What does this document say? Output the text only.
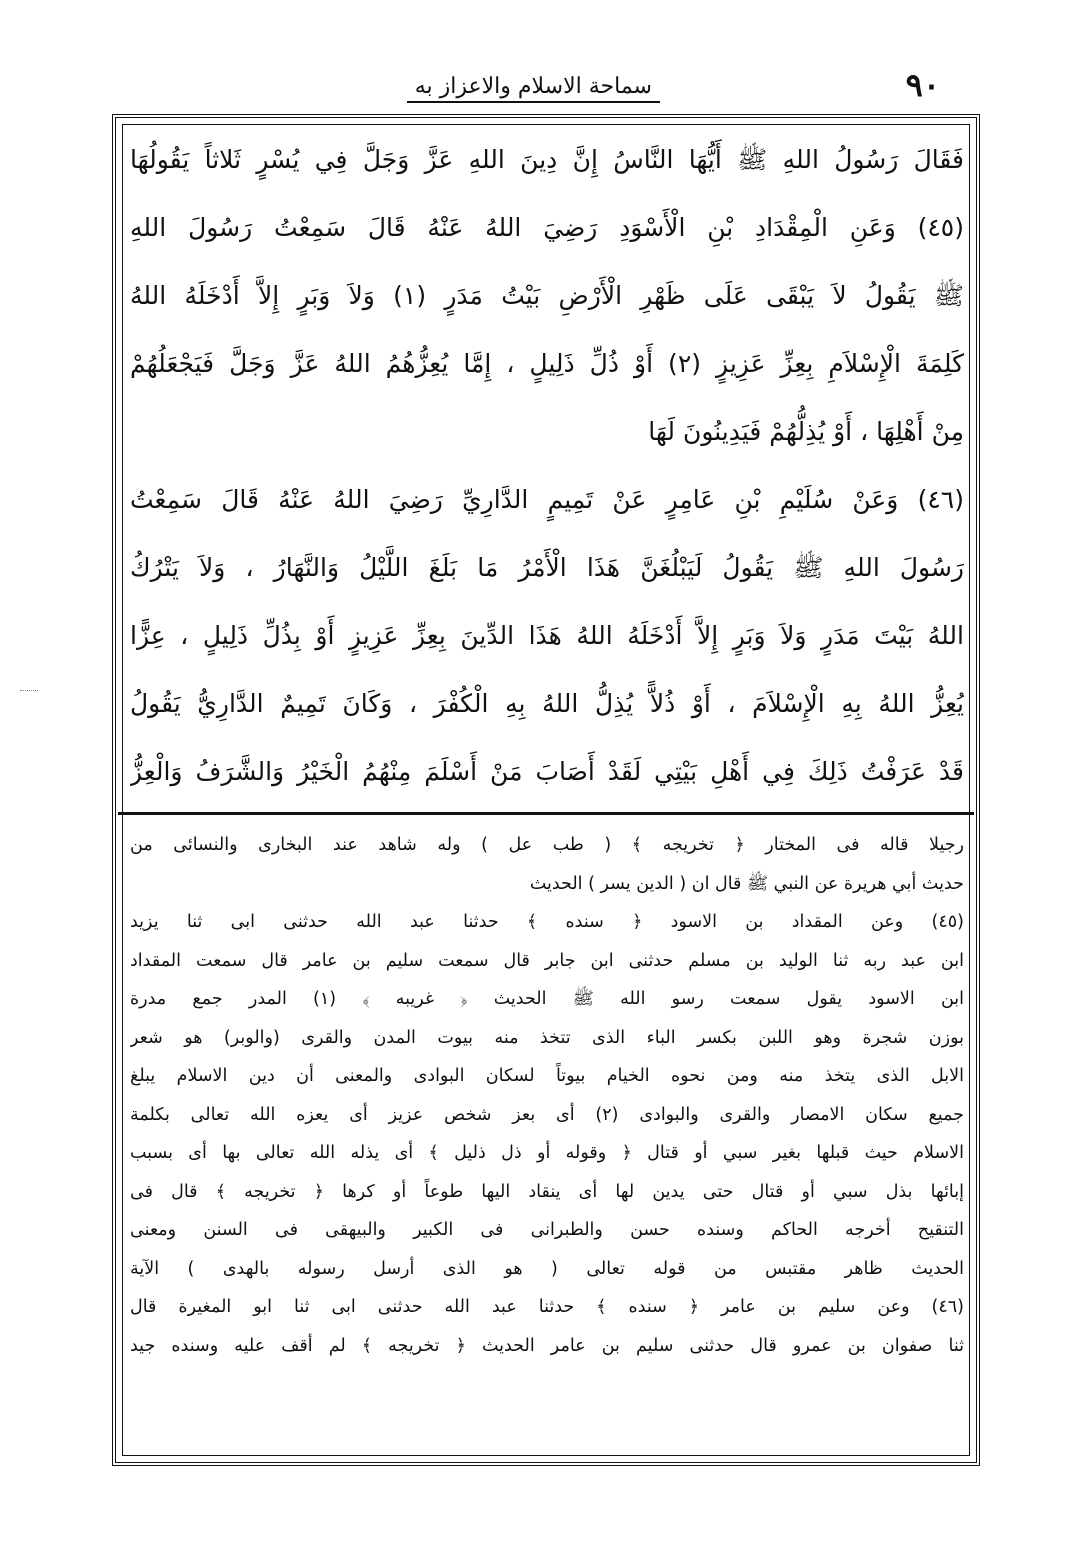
سماحة الاسلام والاعزاز به	٩٠
فَقَالَ رَسُولُ اللهِ ﷺ أَيُّهَا النَّاسُ إِنَّ دِينَ اللهِ عَزَّ وَجَلَّ فِي يُسْرٍ ثَلاثاً يَقُولُهَا
(٤٥) وَعَنِ الْمِقْدَادِ بْنِ الْأَسْوَدِ رَضِيَ اللهُ عَنْهُ قَالَ سَمِعْتُ رَسُولَ اللهِ
ﷺ يَقُولُ لاَ يَبْقَى عَلَى ظَهْرِ الْأَرْضِ بَيْتُ مَدَرٍ (١) وَلاَ وَبَرٍ إِلاَّ أَدْخَلَهُ اللهُ
كَلِمَةَ الْإِسْلاَمِ بِعِزِّ عَزِيزٍ (٢) أَوْ ذُلِّ ذَلِيلٍ ، إِمَّا يُعِزُّهُمُ اللهُ عَزَّ وَجَلَّ فَيَجْعَلُهُمْ
مِنْ أَهْلِهَا ، أَوْ يُذِلُّهُمْ فَيَدِينُونَ لَهَا
(٤٦) وَعَنْ سُلَيْمِ بْنِ عَامِرٍ عَنْ تَمِيمٍ الدَّارِيِّ رَضِيَ اللهُ عَنْهُ قَالَ سَمِعْتُ
رَسُولَ اللهِ ﷺ يَقُولُ لَيَبْلُغَنَّ هَذَا الْأَمْرُ مَا بَلَغَ اللَّيْلُ وَالنَّهَارُ ، وَلاَ يَتْرُكُ
اللهُ بَيْتَ مَدَرٍ وَلاَ وَبَرٍ إِلاَّ أَدْخَلَهُ اللهُ هَذَا الدِّينَ بِعِزِّ عَزِيزٍ أَوْ بِذُلِّ ذَلِيلٍ ، عِزًّا
يُعِزُّ اللهُ بِهِ الْإِسْلاَمَ ، أَوْ ذُلاًّ يُذِلُّ اللهُ بِهِ الْكُفْرَ ، وَكَانَ تَمِيمٌ الدَّارِيُّ يَقُولُ
قَدْ عَرَفْتُ ذَلِكَ فِي أَهْلِ بَيْتِي لَقَدْ أَصَابَ مَنْ أَسْلَمَ مِنْهُمُ الْخَيْرُ وَالشَّرَفُ وَالْعِزُّ
رجيلا قاله فى المختار ﴿ تخريجه ﴾ ( طب عل ) وله شاهد عند البخارى والنسائى من
حديث أبي هريرة عن النبي ﷺ قال ان ( الدين يسر ) الحديث
(٤٥) وعن المقداد بن الاسود ﴿ سنده ﴾ حدثنا عبد الله حدثنى ابى ثنا يزيد
ابن عبد ربه ثنا الوليد بن مسلم حدثنى ابن جابر قال سمعت سليم بن عامر قال سمعت المقداد
ابن الاسود يقول سمعت رسو الله ﷺ الحديث ﴿ غريبه ﴾ (١) المدر جمع مدرة
بوزن شجرة وهو اللبن بكسر الباء الذى تتخذ منه بيوت المدن والقرى (والوبر) هو شعر
الابل الذى يتخذ منه ومن نحوه الخيام بيوتاً لسكان البوادى والمعنى أن دين الاسلام يبلغ
جميع سكان الامصار والقرى والبوادى (٢) أى بعز شخص عزيز أى يعزه الله تعالى بكلمة
الاسلام حيث قبلها بغير سبي أو قتال ﴿ وقوله أو ذل ذليل ﴾ أى يذله الله تعالى بها أى بسبب
إبائها بذل سبي أو قتال حتى يدين لها أى ينقاد اليها طوعاً أو كرها ﴿ تخريجه ﴾ قال فى
التنقيح أخرجه الحاكم وسنده حسن والطبرانى فى الكبير والبيهقى فى السنن ومعنى
الحديث ظاهر مقتبس من قوله تعالى ( هو الذى أرسل رسوله بالهدى ) الآية
(٤٦) وعن سليم بن عامر ﴿ سنده ﴾ حدثنا عبد الله حدثنى ابى ثنا ابو المغيرة قال
ثنا صفوان بن عمرو قال حدثنى سليم بن عامر الحديث ﴿ تخريجه ﴾ لم أقف عليه وسنده جيد
